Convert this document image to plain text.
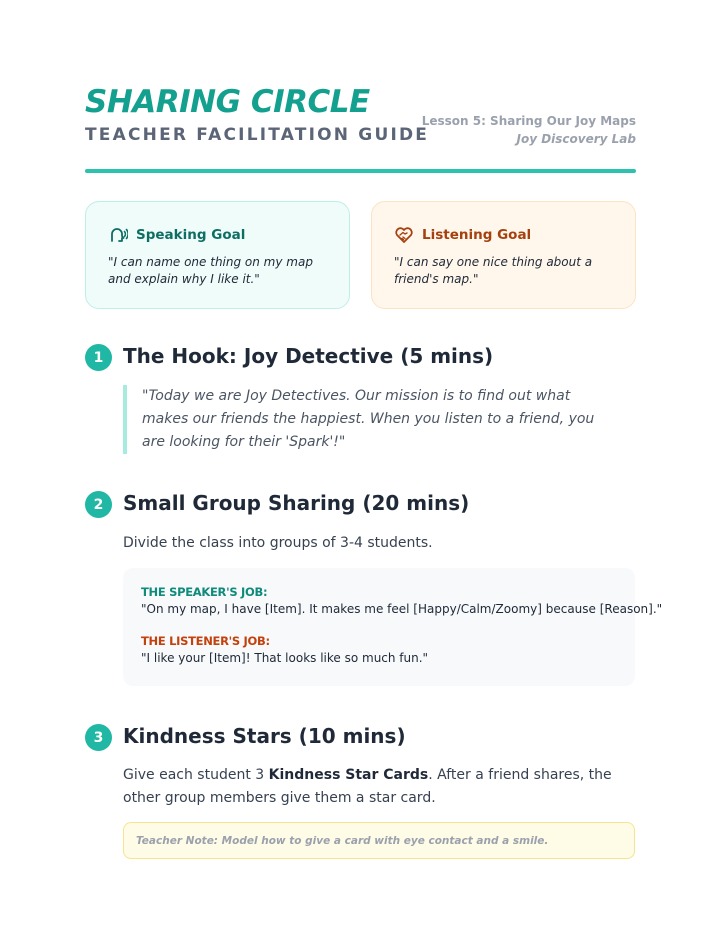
SHARING CIRCLE
TEACHER FACILITATION GUIDE
Lesson 5: Sharing Our Joy Maps
Joy Discovery Lab
Speaking Goal
"I can name one thing on my map and explain why I like it."
Listening Goal
"I can say one nice thing about a friend's map."
1 The Hook: Joy Detective (5 mins)
"Today we are Joy Detectives. Our mission is to find out what makes our friends the happiest. When you listen to a friend, you are looking for their 'Spark'!"
2 Small Group Sharing (20 mins)
Divide the class into groups of 3-4 students.
THE SPEAKER'S JOB:
"On my map, I have [Item]. It makes me feel [Happy/Calm/Zoomy] because [Reason]."
THE LISTENER'S JOB:
"I like your [Item]! That looks like so much fun."
3 Kindness Stars (10 mins)
Give each student 3 Kindness Star Cards. After a friend shares, the other group members give them a star card.
Teacher Note: Model how to give a card with eye contact and a smile.
